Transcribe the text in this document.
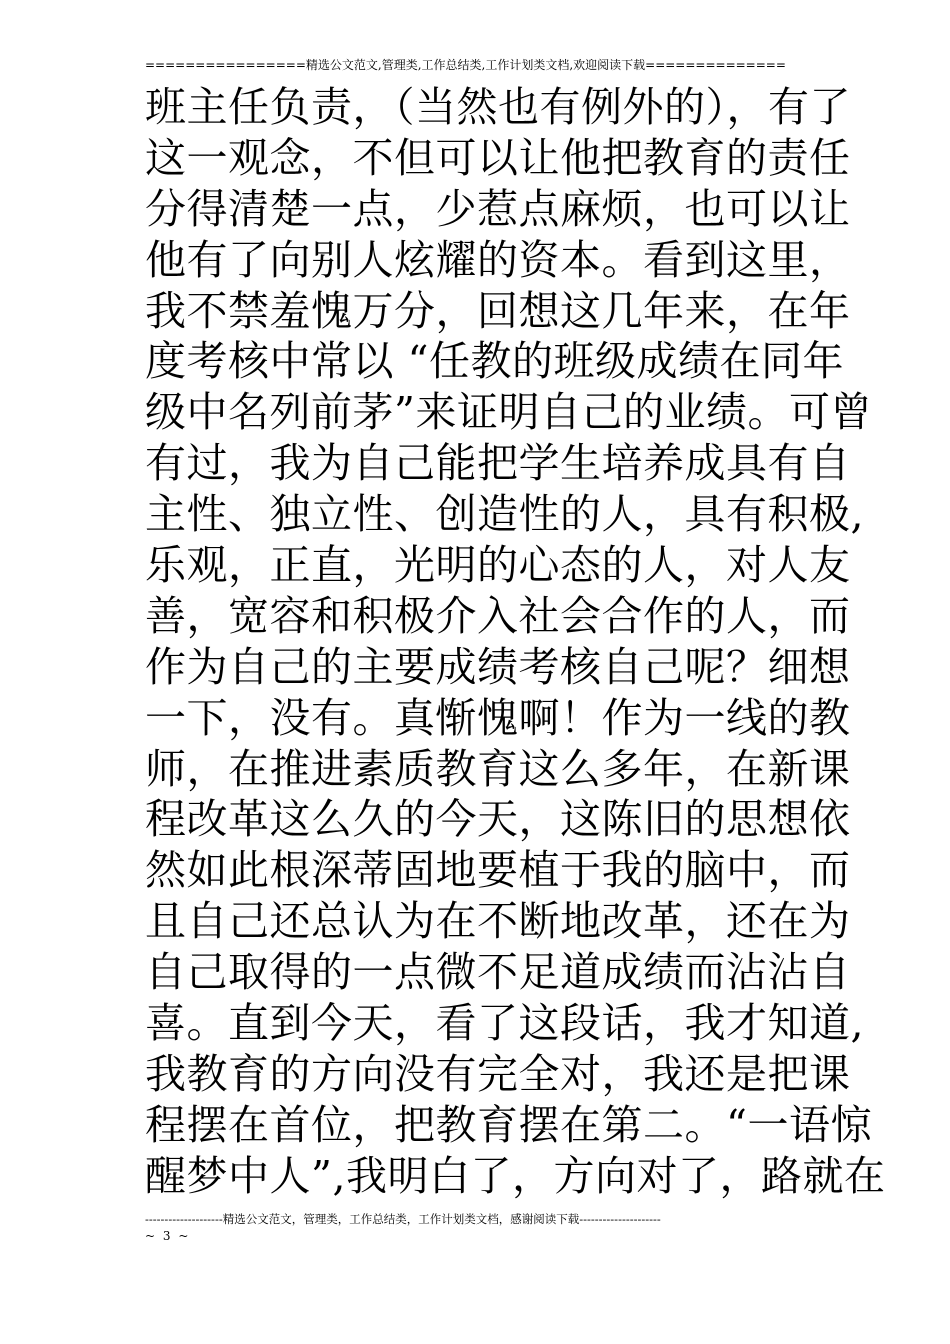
================精选公文范文,管理类,工作总结类,工作计划类文档,欢迎阅读下载==============
班主任负责，（当然也有例外的），有了
这一观念，不但可以让他把教育的责任
分得清楚一点，少惹点麻烦，也可以让
他有了向别人炫耀的资本。看到这里，
我不禁羞愧万分，回想这几年来，在年
度考核中常以 “任教的班级成绩在同年
级中名列前茅”来证明自己的业绩。可曾
有过，我为自己能把学生培养成具有自
主性、独立性、创造性的人，具有积极,
乐观，正直，光明的心态的人，对人友
善，宽容和积极介入社会合作的人，而
作为自己的主要成绩考核自己呢？细想
一下，没有。真惭愧啊！作为一线的教
师，在推进素质教育这么多年，在新课
程改革这么久的今天，这陈旧的思想依
然如此根深蒂固地要植于我的脑中，而
且自己还总认为在不断地改革，还在为
自己取得的一点微不足道成绩而沾沾自
喜。直到今天，看了这段话，我才知道,
我教育的方向没有完全对，我还是把课
程摆在首位，把教育摆在第二。“一语惊
醒梦中人”,我明白了，方向对了，路就在
--------------------精选公文范文，管理类，工作总结类，工作计划类文档，感谢阅读下载---------------------
~ 3 ~
